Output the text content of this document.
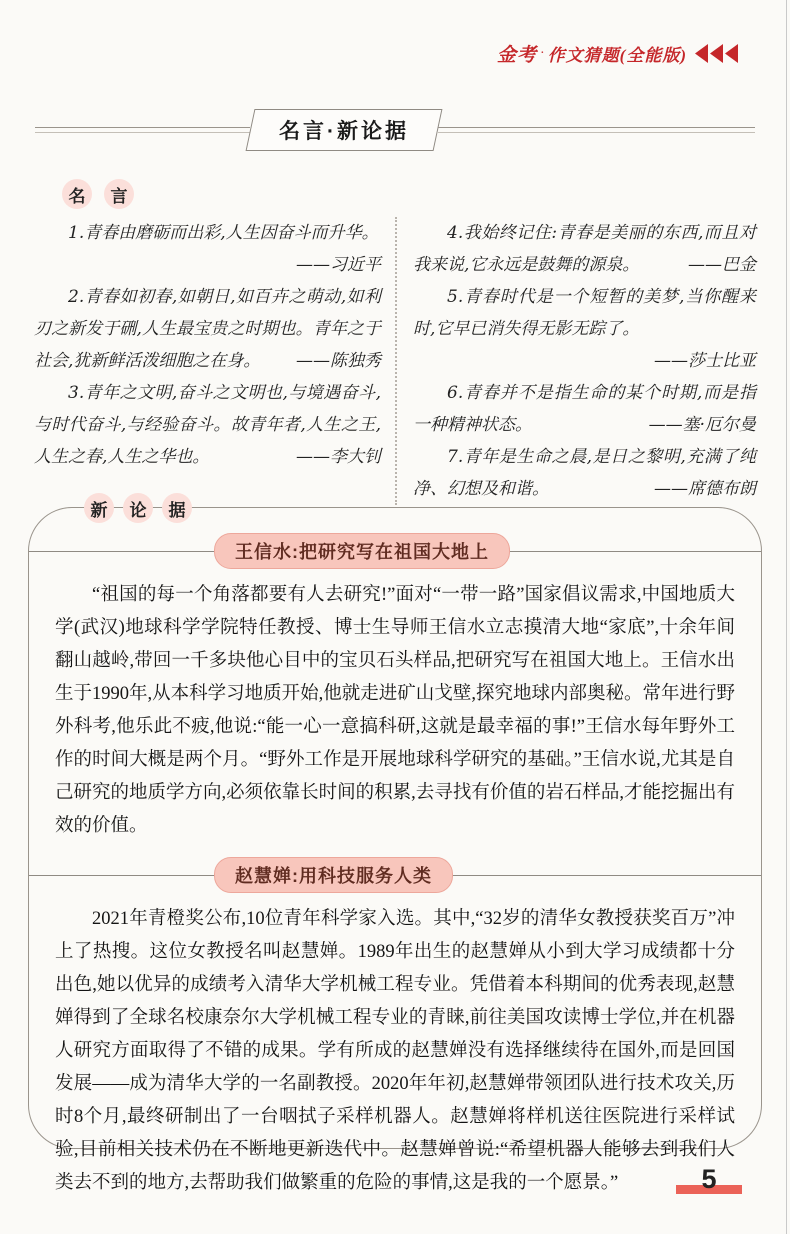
金考 · 作文猜题(全能版)
名言·新论据
名	言

1.青春由磨砺而出彩,人生因奋斗而升华。
——习近平

2.青春如初春,如朝日,如百卉之萌动,如利刃之新发于硎,人生最宝贵之时期也。青年之于社会,犹新鲜活泼细胞之在身。	——陈独秀

3.青年之文明,奋斗之文明也,与境遇奋斗,与时代奋斗,与经验奋斗。故青年者,人生之王,人生之春,人生之华也。	——李大钊

4.我始终记住:青春是美丽的东西,而且对我来说,它永远是鼓舞的源泉。	——巴金

5.青春时代是一个短暂的美梦,当你醒来时,它早已消失得无影无踪了。
——莎士比亚

6.青春并不是指生命的某个时期,而是指一种精神状态。	——塞·厄尔曼

7.青年是生命之晨,是日之黎明,充满了纯净、幻想及和谐。	——席德布朗

新	论	据
王信水:把研究写在祖国大地上

“祖国的每一个角落都要有人去研究!”面对“一带一路”国家倡议需求,中国地质大学(武汉)地球科学学院特任教授、博士生导师王信水立志摸清大地“家底”,十余年间翻山越岭,带回一千多块他心目中的宝贝石头样品,把研究写在祖国大地上。王信水出生于1990年,从本科学习地质开始,他就走进矿山戈壁,探究地球内部奥秘。常年进行野外科考,他乐此不疲,他说:“能一心一意搞科研,这就是最幸福的事!”王信水每年野外工作的时间大概是两个月。“野外工作是开展地球科学研究的基础。”王信水说,尤其是自己研究的地质学方向,必须依靠长时间的积累,去寻找有价值的岩石样品,才能挖掘出有效的价值。

赵慧婵:用科技服务人类

2021年青橙奖公布,10位青年科学家入选。其中,“32岁的清华女教授获奖百万”冲上了热搜。这位女教授名叫赵慧婵。1989年出生的赵慧婵从小到大学习成绩都十分出色,她以优异的成绩考入清华大学机械工程专业。凭借着本科期间的优秀表现,赵慧婵得到了全球名校康奈尔大学机械工程专业的青睐,前往美国攻读博士学位,并在机器人研究方面取得了不错的成果。学有所成的赵慧婵没有选择继续待在国外,而是回国发展——成为清华大学的一名副教授。2020年年初,赵慧婵带领团队进行技术攻关,历时8个月,最终研制出了一台咽拭子采样机器人。赵慧婵将样机送往医院进行采样试验,目前相关技术仍在不断地更新迭代中。赵慧婵曾说:“希望机器人能够去到我们人类去不到的地方,去帮助我们做繁重的危险的事情,这是我的一个愿景。”	5
